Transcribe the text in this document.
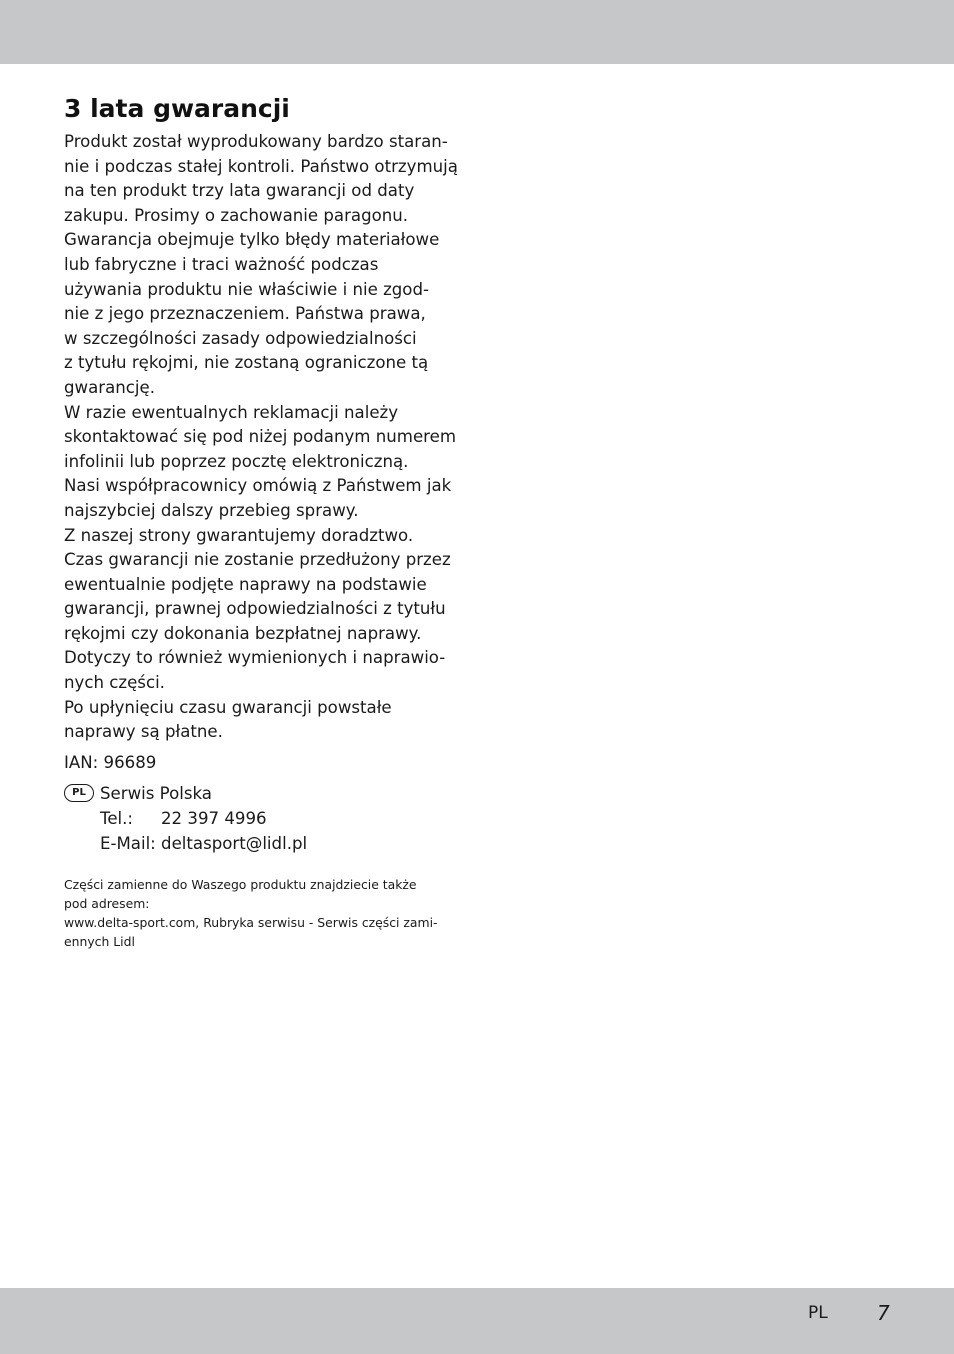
3 lata gwarancji
Produkt został wyprodukowany bardzo staran-
nie i podczas stałej kontroli. Państwo otrzymują
na ten produkt trzy lata gwarancji od daty
zakupu. Prosimy o zachowanie paragonu.
Gwarancja obejmuje tylko błędy materiałowe
lub fabryczne i traci ważność podczas
używania produktu nie właściwie i nie zgod-
nie z jego przeznaczeniem. Państwa prawa,
w szczególności zasady odpowiedzialności
z tytułu rękojmi, nie zostaną ograniczone tą
gwarancję.
W razie ewentualnych reklamacji należy
skontaktować się pod niżej podanym numerem
infolinii lub poprzez pocztę elektroniczną.
Nasi współpracownicy omówią z Państwem jak
najszybciej dalszy przebieg sprawy.
Z naszej strony gwarantujemy doradztwo.
Czas gwarancji nie zostanie przedłużony przez
ewentualnie podjęte naprawy na podstawie
gwarancji, prawnej odpowiedzialności z tytułu
rękojmi czy dokonania bezpłatnej naprawy.
Dotyczy to również wymienionych i naprawio-
nych części.
Po upłynięciu czasu gwarancji powstałe
naprawy są płatne.
IAN: 96689
PL Serwis Polska
Tel.: 22 397 4996
E-Mail: deltasport@lidl.pl
Części zamienne do Waszego produktu znajdziecie także
pod adresem:
www.delta-sport.com, Rubryka serwisu - Serwis części zami-
ennych Lidl
PL 7
